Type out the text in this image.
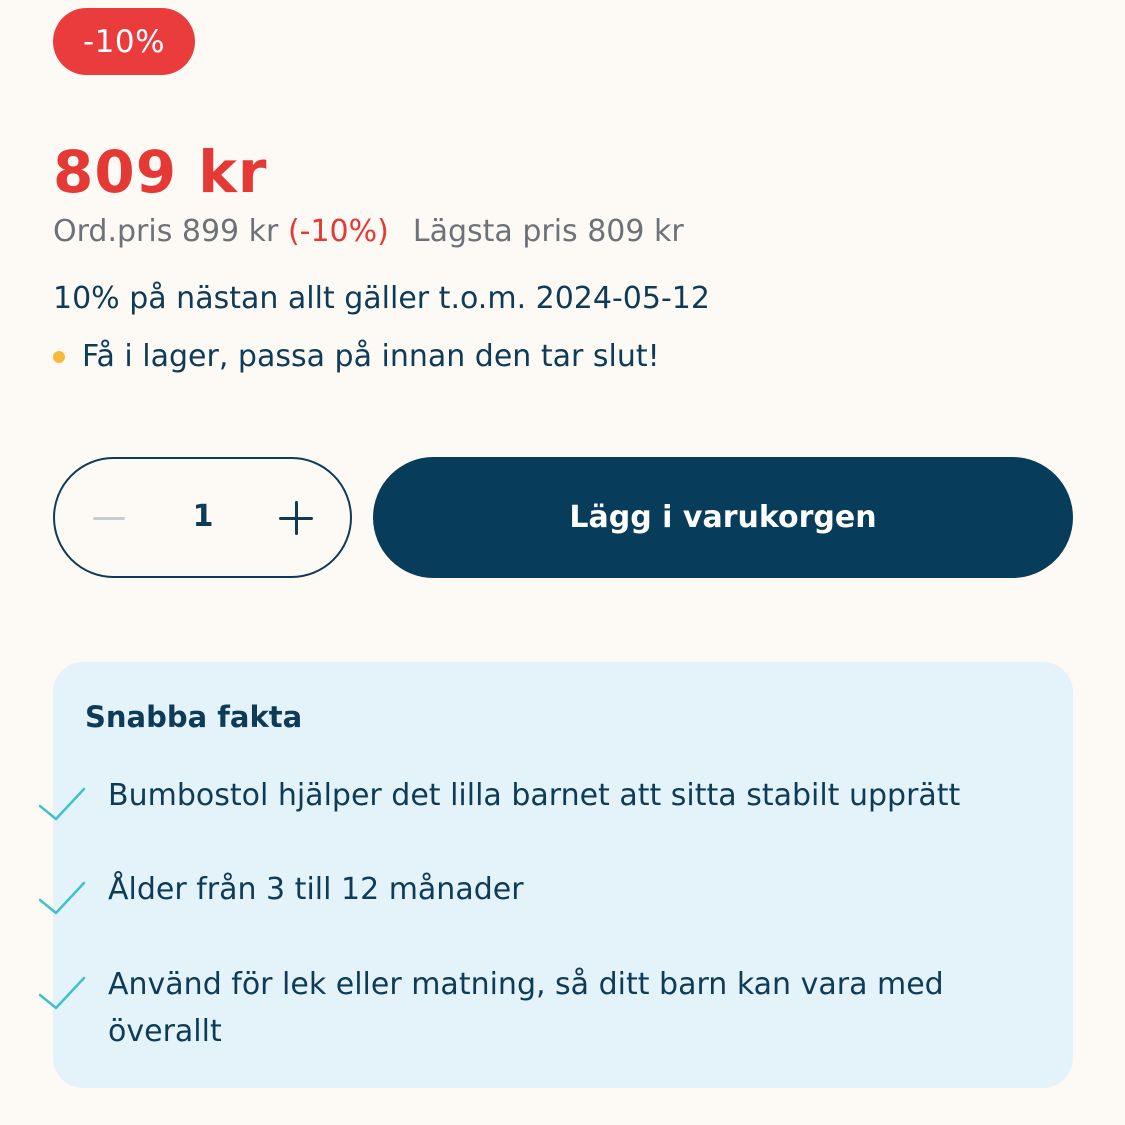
-10%
809 kr
Ord.pris 899 kr (-10%) Lägsta pris 809 kr
10% på nästan allt gäller t.o.m. 2024-05-12
Få i lager, passa på innan den tar slut!
1	Lägg i varukorgen
Snabba fakta
Bumbostol hjälper det lilla barnet att sitta stabilt upprätt
Ålder från 3 till 12 månader
Använd för lek eller matning, så ditt barn kan vara med överallt
